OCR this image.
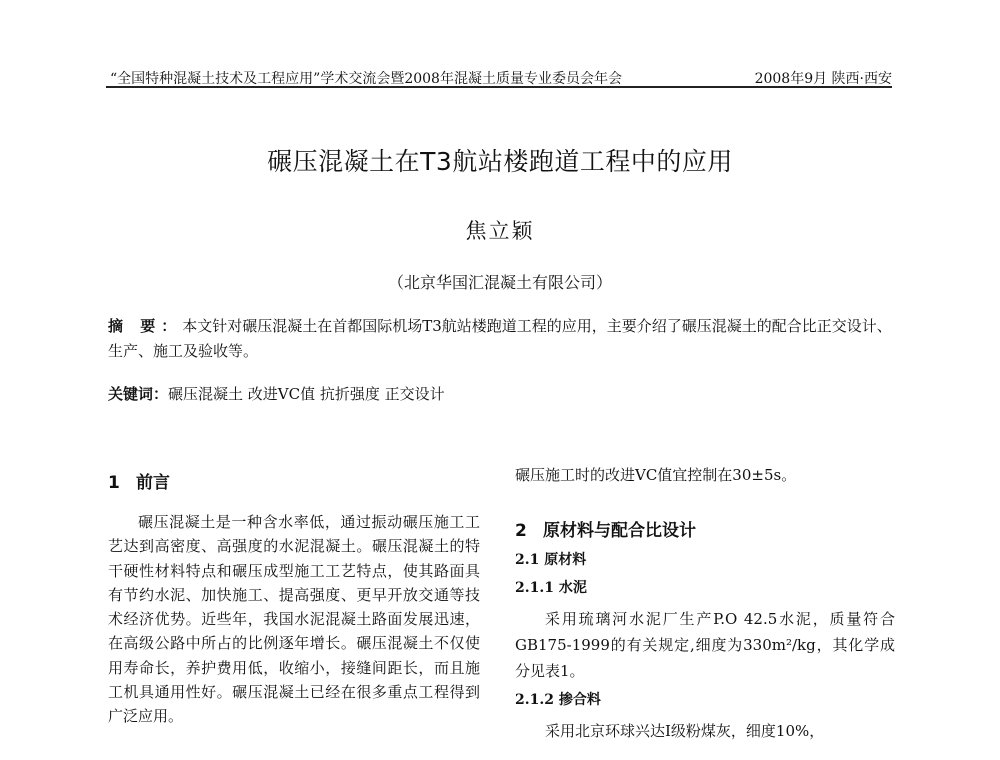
“全国特种混凝土技术及工程应用”学术交流会暨2008年混凝土质量专业委员会年会	2008年9月 陕西·西安
碾压混凝土在T3航站楼跑道工程中的应用
焦立颖
（北京华国汇混凝土有限公司）
摘 要：本文针对碾压混凝土在首都国际机场T3航站楼跑道工程的应用，主要介绍了碾压混凝土的配合比正交设计、生产、施工及验收等。
关键词：碾压混凝土 改进VC值 抗折强度 正交设计
1 前言
碾压混凝土是一种含水率低，通过振动碾压施工工艺达到高密度、高强度的水泥混凝土。碾压混凝土的特干硬性材料特点和碾压成型施工工艺特点，使其路面具有节约水泥、加快施工、提高强度、更早开放交通等技术经济优势。近些年，我国水泥混凝土路面发展迅速，在高级公路中所占的比例逐年增长。碾压混凝土不仅使用寿命长，养护费用低，收缩小，接缝间距长，而且施工机具通用性好。碾压混凝土已经在很多重点工程得到广泛应用。
碾压施工时的改进VC值宜控制在30±5s。
2 原材料与配合比设计
2.1 原材料
2.1.1 水泥
采用琉璃河水泥厂生产P.O 42.5水泥，质量符合GB175-1999的有关规定,细度为330m²/kg，其化学成分见表1。
2.1.2 掺合料
采用北京环球兴达I级粉煤灰，细度10%，
